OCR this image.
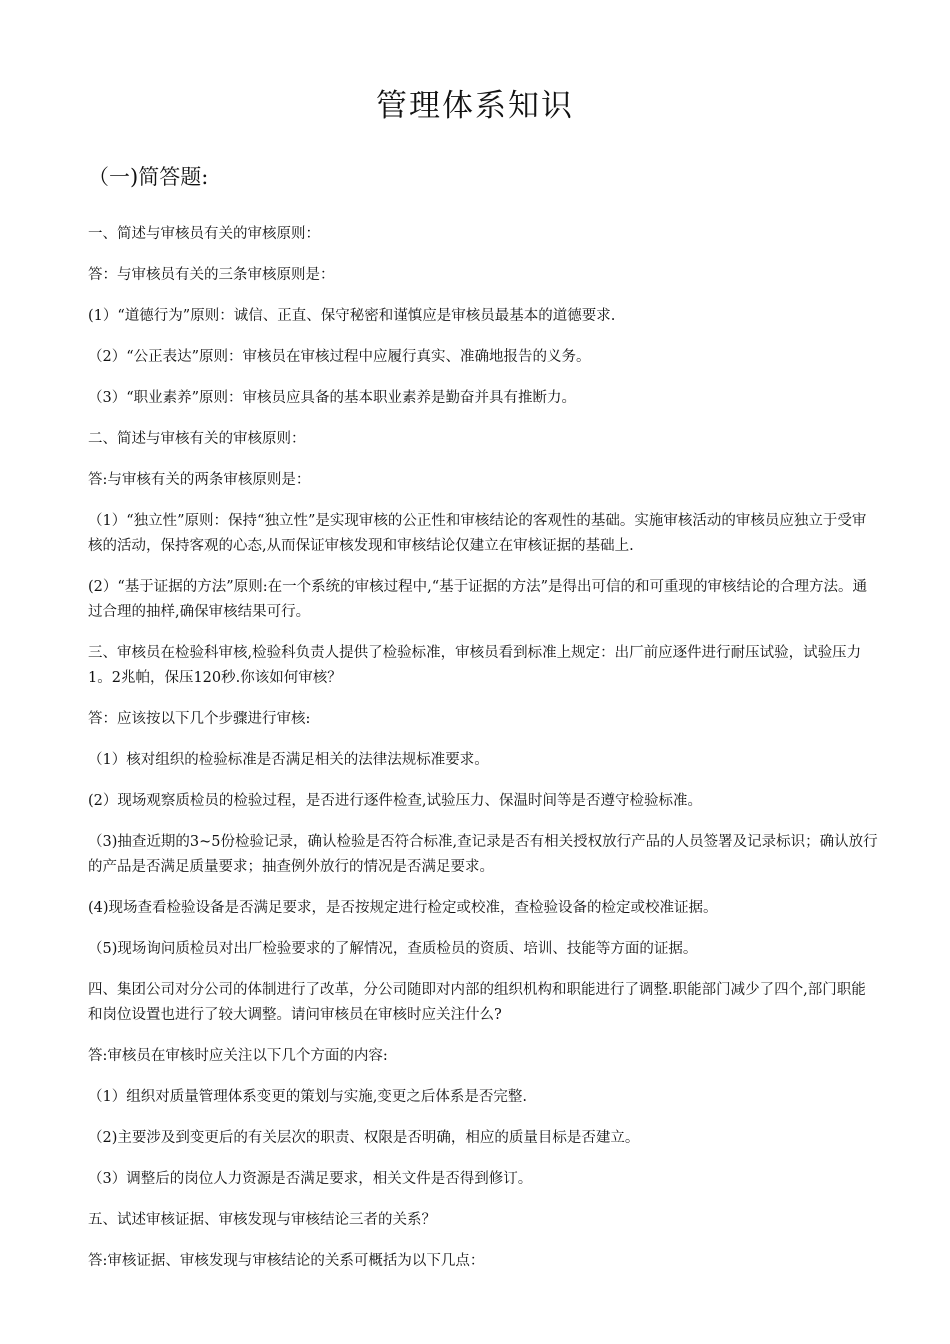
管理体系知识
（一)简答题:

一、简述与审核员有关的审核原则：

答：与审核员有关的三条审核原则是：

(1）“道德行为”原则：诚信、正直、保守秘密和谨慎应是审核员最基本的道德要求.

（2）“公正表达”原则：审核员在审核过程中应履行真实、准确地报告的义务。

（3）“职业素养”原则：审核员应具备的基本职业素养是勤奋并具有推断力。

二、简述与审核有关的审核原则：

答:与审核有关的两条审核原则是：

（1）“独立性”原则：保持“独立性”是实现审核的公正性和审核结论的客观性的基础。实施审核活动的审核员应独立于受审核的活动，保持客观的心态,从而保证审核发现和审核结论仅建立在审核证据的基础上.

(2）“基于证据的方法”原则:在一个系统的审核过程中,“基于证据的方法”是得出可信的和可重现的审核结论的合理方法。通过合理的抽样,确保审核结果可行。

三、审核员在检验科审核,检验科负责人提供了检验标准，审核员看到标准上规定：出厂前应逐件进行耐压试验，试验压力1。2兆帕，保压120秒.你该如何审核？

答：应该按以下几个步骤进行审核:

（1）核对组织的检验标准是否满足相关的法律法规标准要求。

(2）现场观察质检员的检验过程，是否进行逐件检查,试验压力、保温时间等是否遵守检验标准。

（3)抽查近期的3~5份检验记录，确认检验是否符合标准,查记录是否有相关授权放行产品的人员签署及记录标识；确认放行的产品是否满足质量要求；抽查例外放行的情况是否满足要求。

(4)现场查看检验设备是否满足要求，是否按规定进行检定或校准，查检验设备的检定或校准证据。

（5)现场询问质检员对出厂检验要求的了解情况，查质检员的资质、培训、技能等方面的证据。

四、集团公司对分公司的体制进行了改革，分公司随即对内部的组织机构和职能进行了调整.职能部门减少了四个,部门职能和岗位设置也进行了较大调整。请问审核员在审核时应关注什么?

答:审核员在审核时应关注以下几个方面的内容:

（1）组织对质量管理体系变更的策划与实施,变更之后体系是否完整.

（2)主要涉及到变更后的有关层次的职责、权限是否明确，相应的质量目标是否建立。

（3）调整后的岗位人力资源是否满足要求，相关文件是否得到修订。

五、试述审核证据、审核发现与审核结论三者的关系？

答:审核证据、审核发现与审核结论的关系可概括为以下几点：
